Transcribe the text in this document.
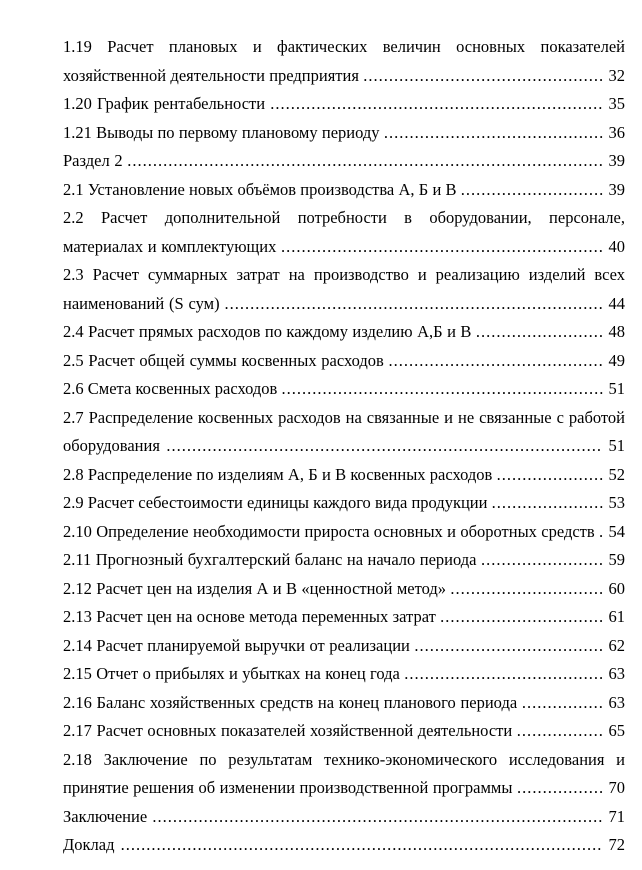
1.19 Расчет плановых и фактических величин основных показателей хозяйственной деятельности предприятия ............................................... 32

1.20 График рентабельности ................................................................. 35

1.21 Выводы по первому плановому периоду ........................................... 36

Раздел 2 ............................................................................................. 39

2.1 Установление новых объёмов производства А, Б и В ............................ 39

2.2 Расчет дополнительной потребности в оборудовании, персонале, материалах и комплектующих ............................................................... 40

2.3 Расчет суммарных затрат на производство и реализацию изделий всех наименований (S сум) .......................................................................... 44

2.4 Расчет прямых расходов по каждому изделию А,Б и В ......................... 48

2.5 Расчет общей суммы косвенных расходов .......................................... 49

2.6 Смета косвенных расходов ............................................................... 51

2.7 Распределение косвенных расходов на связанные и не связанные с работой оборудования ..................................................................................... 51

2.8 Распределение по изделиям А, Б и В косвенных расходов ..................... 52

2.9 Расчет себестоимости единицы каждого вида продукции ...................... 53

2.10 Определение необходимости прироста основных и оборотных средств . 54

2.11 Прогнозный бухгалтерский баланс на начало периода ........................ 59

2.12 Расчет цен на изделия А и В «ценностной метод» .............................. 60

2.13 Расчет цен на основе метода переменных затрат ................................ 61

2.14 Расчет планируемой выручки от реализации ..................................... 62

2.15 Отчет о прибылях и убытках на конец года ....................................... 63

2.16 Баланс хозяйственных средств на конец планового периода ................ 63

2.17 Расчет основных показателей хозяйственной деятельности ................. 65

2.18 Заключение по результатам технико-экономического исследования и принятие решения об изменении производственной программы ................. 70

Заключение ........................................................................................ 71

Доклад .............................................................................................. 72
